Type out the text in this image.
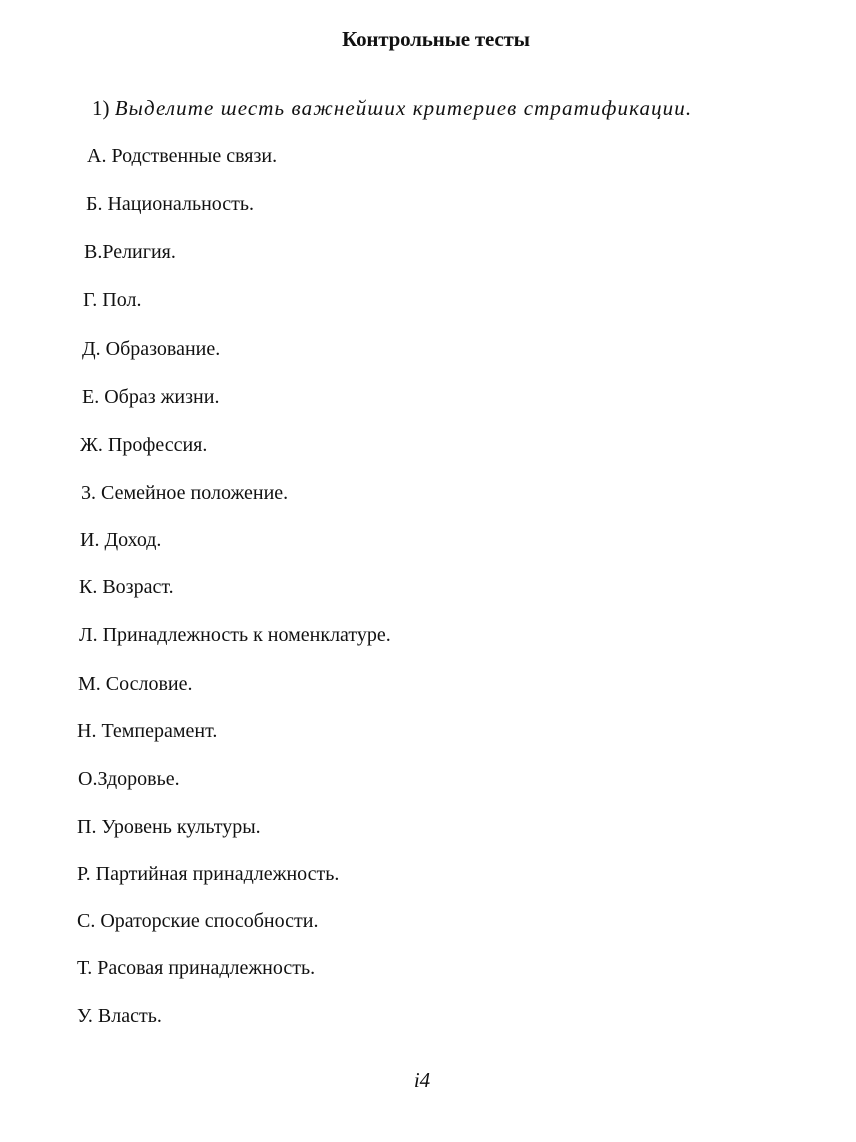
Контрольные тесты
1) Выделите шесть важнейших критериев стратификации.
А. Родственные связи.
Б. Национальность.
В.Религия.
Г. Пол.
Д. Образование.
Е. Образ жизни.
Ж. Профессия.
3. Семейное положение.
И. Доход.
К. Возраст.
Л. Принадлежность к номенклатуре.
М. Сословие.
Н. Темперамент.
О.Здоровье.
П. Уровень культуры.
Р. Партийная принадлежность.
С. Ораторские способности.
Т. Расовая принадлежность.
У. Власть.
i4
